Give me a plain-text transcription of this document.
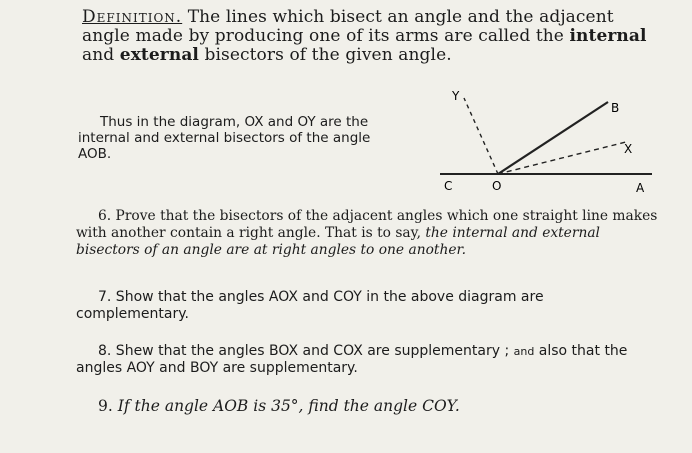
Definition. The lines which bisect an angle and the adjacent angle made by producing one of its arms are called the internal and external bisectors of the given angle.
Thus in the diagram, OX and OY are the
internal and external bisectors of the angle
AOB.
Y
B
X
C	O	A
6. Prove that the bisectors of the adjacent angles which one straight line makes with another contain a right angle. That is to say, the internal and external bisectors of an angle are at right angles to one another.
7. Show that the angles AOX and COY in the above diagram are complementary.
8. Shew that the angles BOX and COX are supplementary ; and also that the angles AOY and BOY are supplementary.
9. If the angle AOB is 35°, find the angle COY.
